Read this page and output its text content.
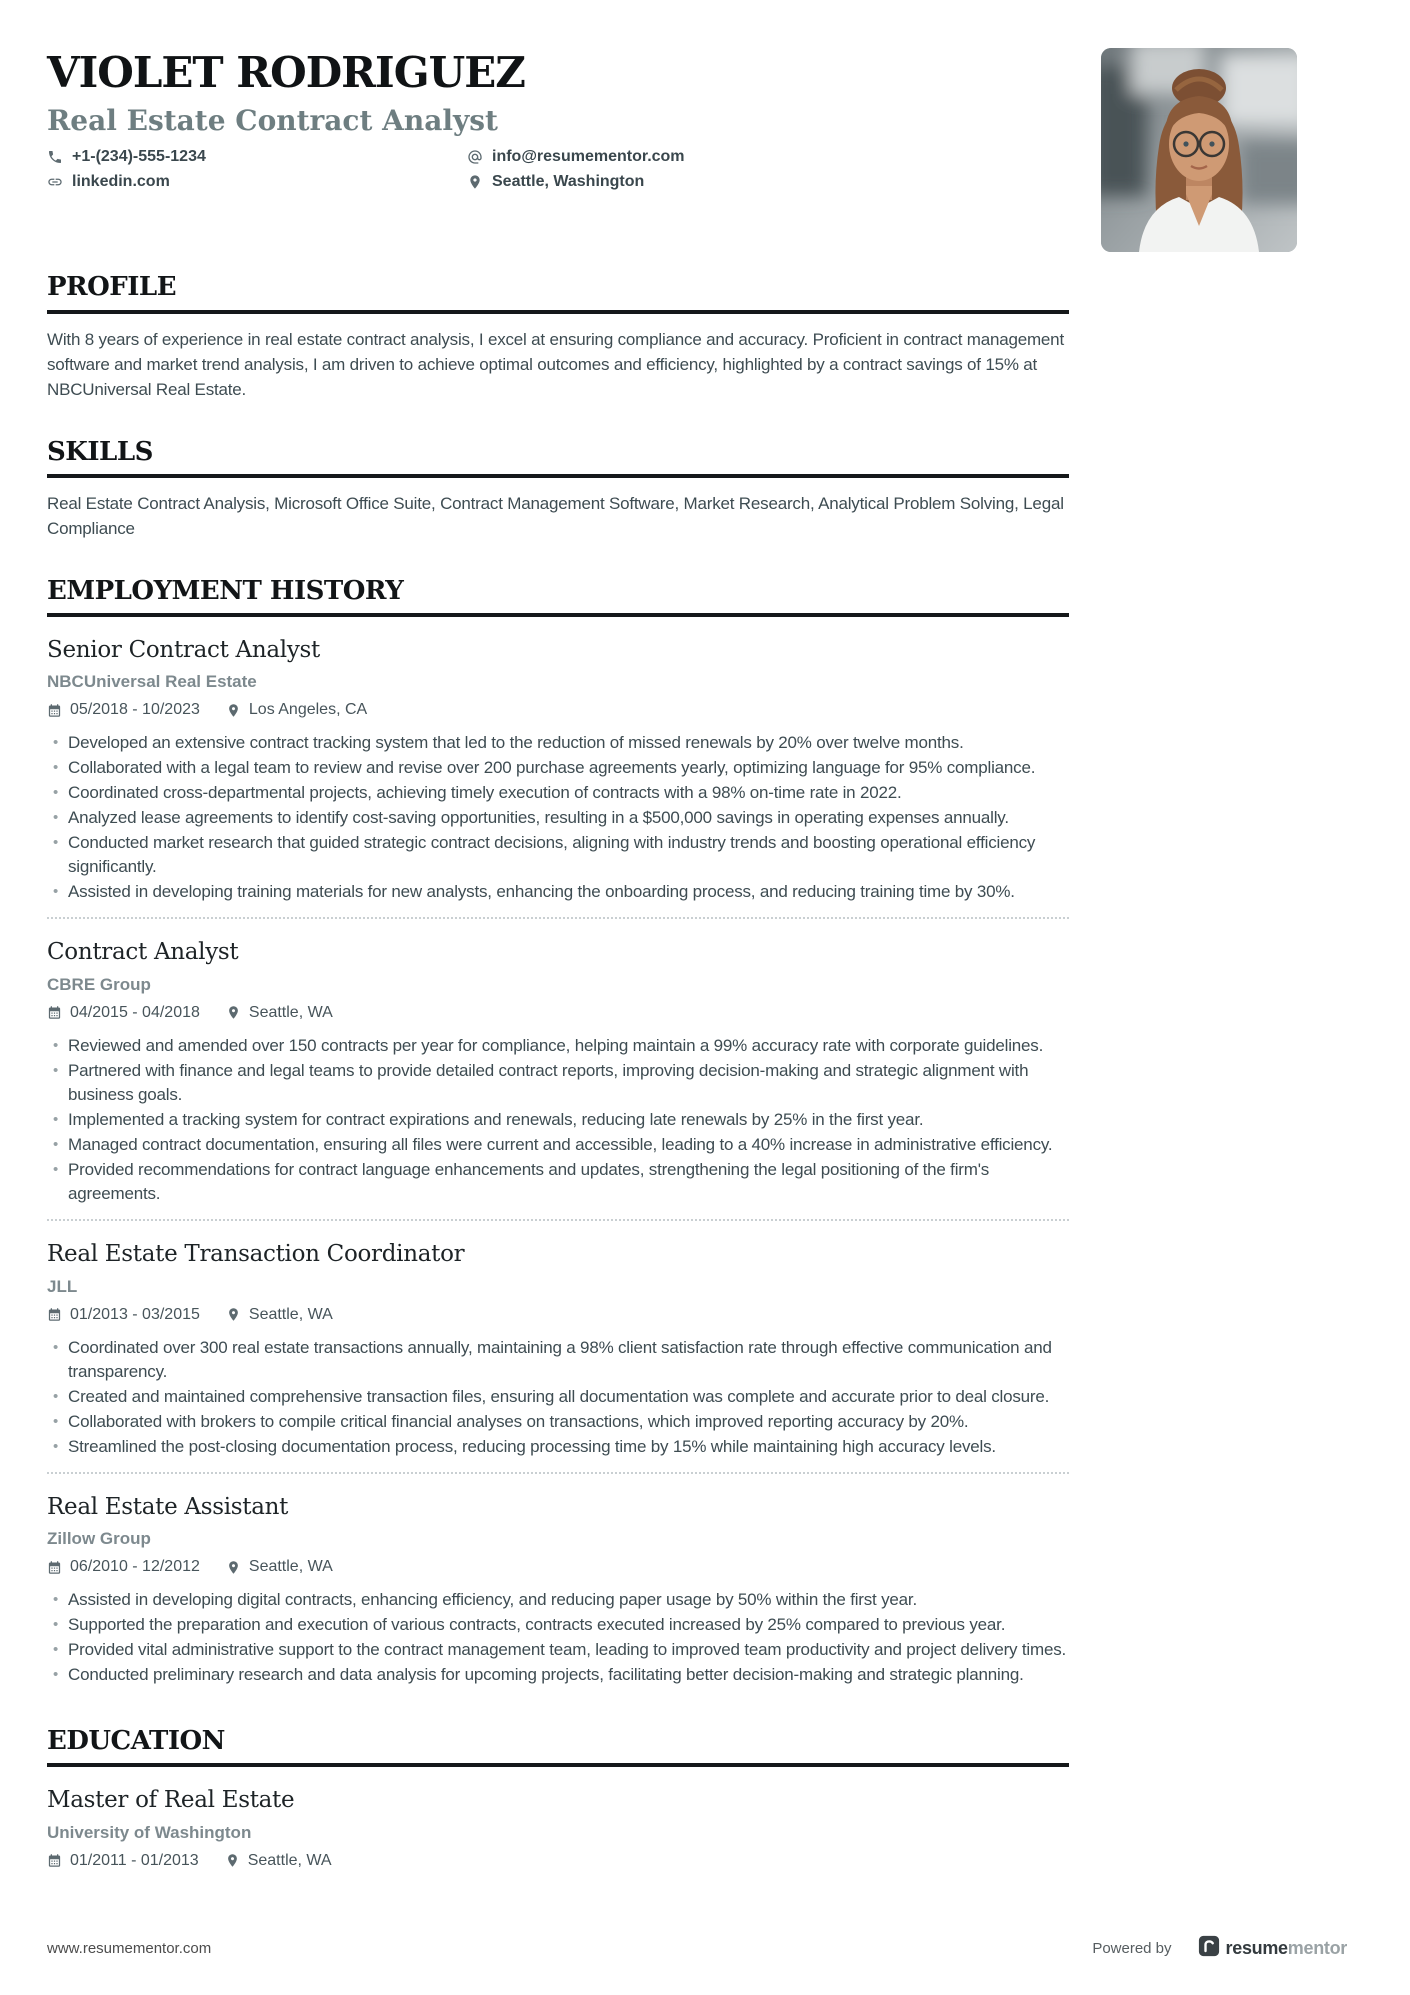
VIOLET RODRIGUEZ
Real Estate Contract Analyst
+1-(234)-555-1234	info@resumementor.com
linkedin.com	Seattle, Washington
PROFILE

With 8 years of experience in real estate contract analysis, I excel at ensuring compliance and accuracy. Proficient in contract management software and market trend analysis, I am driven to achieve optimal outcomes and efficiency, highlighted by a contract savings of 15% at NBCUniversal Real Estate.

SKILLS

Real Estate Contract Analysis, Microsoft Office Suite, Contract Management Software, Market Research, Analytical Problem Solving, Legal Compliance

EMPLOYMENT HISTORY
Senior Contract Analyst
NBCUniversal Real Estate
05/2018 - 10/2023	Los Angeles, CA
• Developed an extensive contract tracking system that led to the reduction of missed renewals by 20% over twelve months.
• Collaborated with a legal team to review and revise over 200 purchase agreements yearly, optimizing language for 95% compliance.
• Coordinated cross-departmental projects, achieving timely execution of contracts with a 98% on-time rate in 2022.
• Analyzed lease agreements to identify cost-saving opportunities, resulting in a $500,000 savings in operating expenses annually.
• Conducted market research that guided strategic contract decisions, aligning with industry trends and boosting operational efficiency significantly.
• Assisted in developing training materials for new analysts, enhancing the onboarding process, and reducing training time by 30%.
Contract Analyst
CBRE Group
04/2015 - 04/2018	Seattle, WA
• Reviewed and amended over 150 contracts per year for compliance, helping maintain a 99% accuracy rate with corporate guidelines.
• Partnered with finance and legal teams to provide detailed contract reports, improving decision-making and strategic alignment with business goals.
• Implemented a tracking system for contract expirations and renewals, reducing late renewals by 25% in the first year.
• Managed contract documentation, ensuring all files were current and accessible, leading to a 40% increase in administrative efficiency.
• Provided recommendations for contract language enhancements and updates, strengthening the legal positioning of the firm's agreements.
Real Estate Transaction Coordinator
JLL
01/2013 - 03/2015	Seattle, WA
• Coordinated over 300 real estate transactions annually, maintaining a 98% client satisfaction rate through effective communication and transparency.
• Created and maintained comprehensive transaction files, ensuring all documentation was complete and accurate prior to deal closure.
• Collaborated with brokers to compile critical financial analyses on transactions, which improved reporting accuracy by 20%.
• Streamlined the post-closing documentation process, reducing processing time by 15% while maintaining high accuracy levels.
Real Estate Assistant
Zillow Group
06/2010 - 12/2012	Seattle, WA
• Assisted in developing digital contracts, enhancing efficiency, and reducing paper usage by 50% within the first year.
• Supported the preparation and execution of various contracts, contracts executed increased by 25% compared to previous year.
• Provided vital administrative support to the contract management team, leading to improved team productivity and project delivery times.
• Conducted preliminary research and data analysis for upcoming projects, facilitating better decision-making and strategic planning.
EDUCATION
Master of Real Estate
University of Washington
01/2011 - 01/2013	Seattle, WA
www.resumementor.com	Powered by	resumementor
